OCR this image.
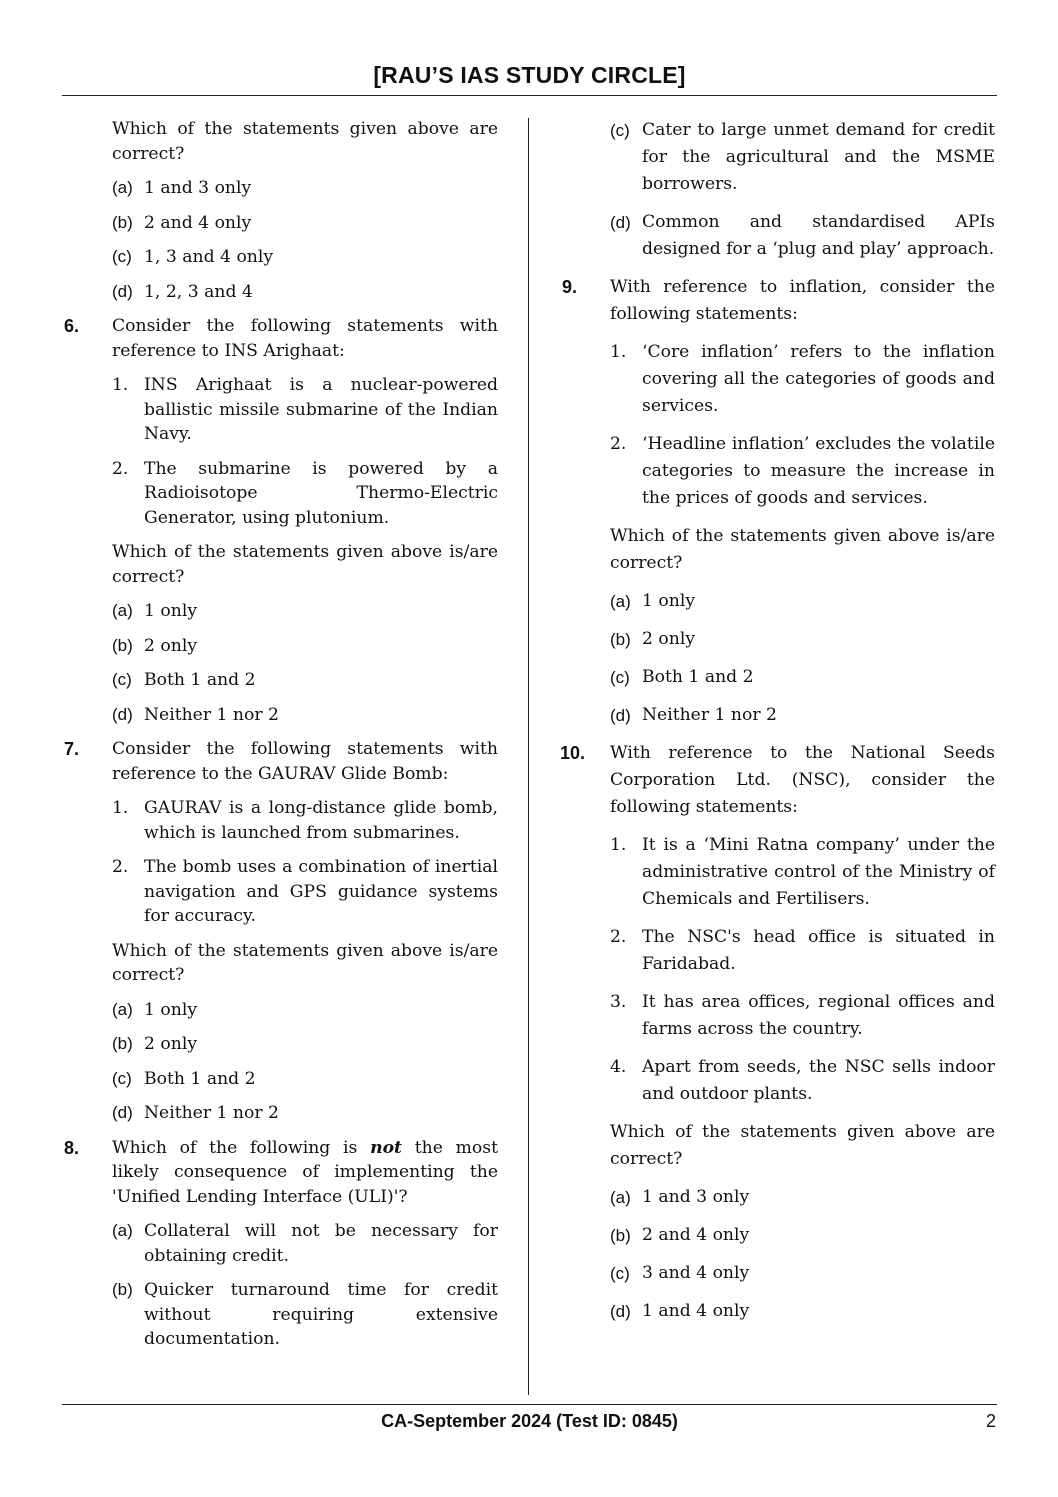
[RAU’S IAS STUDY CIRCLE]

Which of the statements given above are correct?

(a) 1 and 3 only
(b) 2 and 4 only
(c) 1, 3 and 4 only
(d) 1, 2, 3 and 4
6. Consider the following statements with reference to INS Arighaat:

1. INS Arighaat is a nuclear-powered ballistic missile submarine of the Indian Navy.
2. The submarine is powered by a Radioisotope Thermo-Electric Generator, using plutonium.

Which of the statements given above is/are correct?

(a) 1 only
(b) 2 only
(c) Both 1 and 2
(d) Neither 1 nor 2
7. Consider the following statements with reference to the GAURAV Glide Bomb:

1. GAURAV is a long-distance glide bomb, which is launched from submarines.
2. The bomb uses a combination of inertial navigation and GPS guidance systems for accuracy.

Which of the statements given above is/are correct?

(a) 1 only
(b) 2 only
(c) Both 1 and 2
(d) Neither 1 nor 2
8. Which of the following is not the most likely consequence of implementing the 'Unified Lending Interface (ULI)'?

(a) Collateral will not be necessary for obtaining credit.
(b) Quicker turnaround time for credit without requiring extensive documentation.
(c) Cater to large unmet demand for credit for the agricultural and the MSME borrowers.
(d) Common and standardised APIs designed for a ‘plug and play’ approach.
9. With reference to inflation, consider the following statements:

1. ‘Core inflation’ refers to the inflation covering all the categories of goods and services.
2. ‘Headline inflation’ excludes the volatile categories to measure the increase in the prices of goods and services.

Which of the statements given above is/are correct?

(a) 1 only
(b) 2 only
(c) Both 1 and 2
(d) Neither 1 nor 2
10. With reference to the National Seeds Corporation Ltd. (NSC), consider the following statements:

1. It is a ‘Mini Ratna company’ under the administrative control of the Ministry of Chemicals and Fertilisers.
2. The NSC's head office is situated in Faridabad.
3. It has area offices, regional offices and farms across the country.
4. Apart from seeds, the NSC sells indoor and outdoor plants.

Which of the statements given above are correct?

(a) 1 and 3 only
(b) 2 and 4 only
(c) 3 and 4 only
(d) 1 and 4 only
CA-September 2024 (Test ID: 0845)	2
